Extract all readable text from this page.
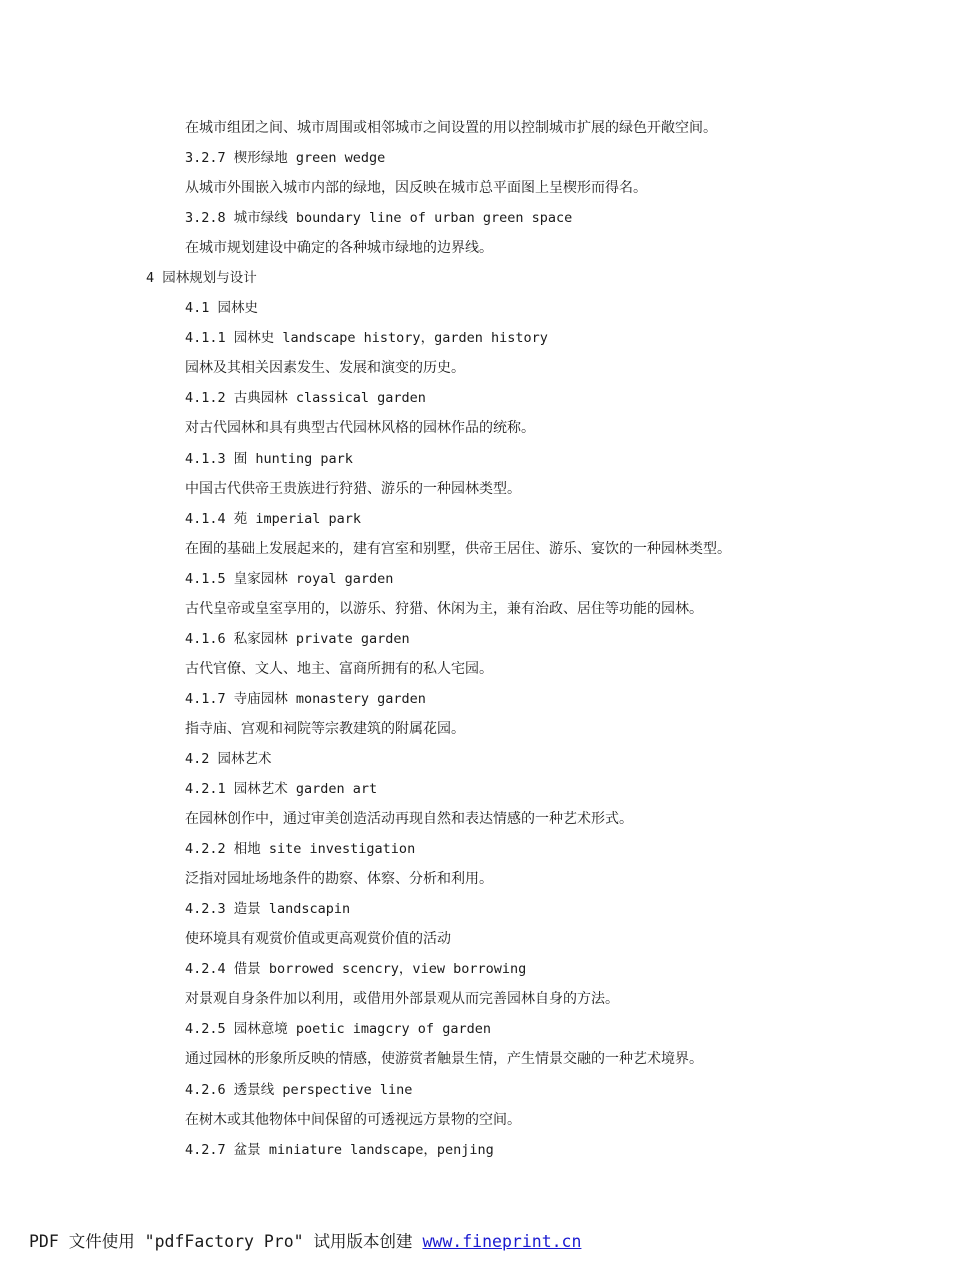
在城市组团之间、城市周围或相邻城市之间设置的用以控制城市扩展的绿色开敞空间。
3.2.7 楔形绿地 green wedge
从城市外围嵌入城市内部的绿地，因反映在城市总平面图上呈楔形而得名。
3.2.8 城市绿线 boundary line of urban green space
在城市规划建设中确定的各种城市绿地的边界线。
4 园林规划与设计
4.1 园林史
4.1.1 园林史 landscape history，garden history
园林及其相关因素发生、发展和演变的历史。
4.1.2 古典园林 classical garden
对古代园林和具有典型古代园林风格的园林作品的统称。
4.1.3 囿 hunting park
中国古代供帝王贵族进行狩猎、游乐的一种园林类型。
4.1.4 苑 imperial park
在囿的基础上发展起来的，建有宫室和别墅，供帝王居住、游乐、宴饮的一种园林类型。
4.1.5 皇家园林 royal garden
古代皇帝或皇室享用的，以游乐、狩猎、休闲为主，兼有治政、居住等功能的园林。
4.1.6 私家园林 private garden
古代官僚、文人、地主、富商所拥有的私人宅园。
4.1.7 寺庙园林 monastery garden
指寺庙、宫观和祠院等宗教建筑的附属花园。
4.2 园林艺术
4.2.1 园林艺术 garden art
在园林创作中，通过审美创造活动再现自然和表达情感的一种艺术形式。
4.2.2 相地 site investigation
泛指对园址场地条件的勘察、体察、分析和利用。
4.2.3 造景 landscapin
使环境具有观赏价值或更高观赏价值的活动
4.2.4 借景 borrowed scencry，view borrowing
对景观自身条件加以利用，或借用外部景观从而完善园林自身的方法。
4.2.5 园林意境 poetic imagcry of garden
通过园林的形象所反映的情感，使游赏者触景生情，产生情景交融的一种艺术境界。
4.2.6 透景线 perspective line
在树木或其他物体中间保留的可透视远方景物的空间。
4.2.7 盆景 miniature landscape，penjing
PDF 文件使用 "pdfFactory Pro" 试用版本创建 www.fineprint.cn
